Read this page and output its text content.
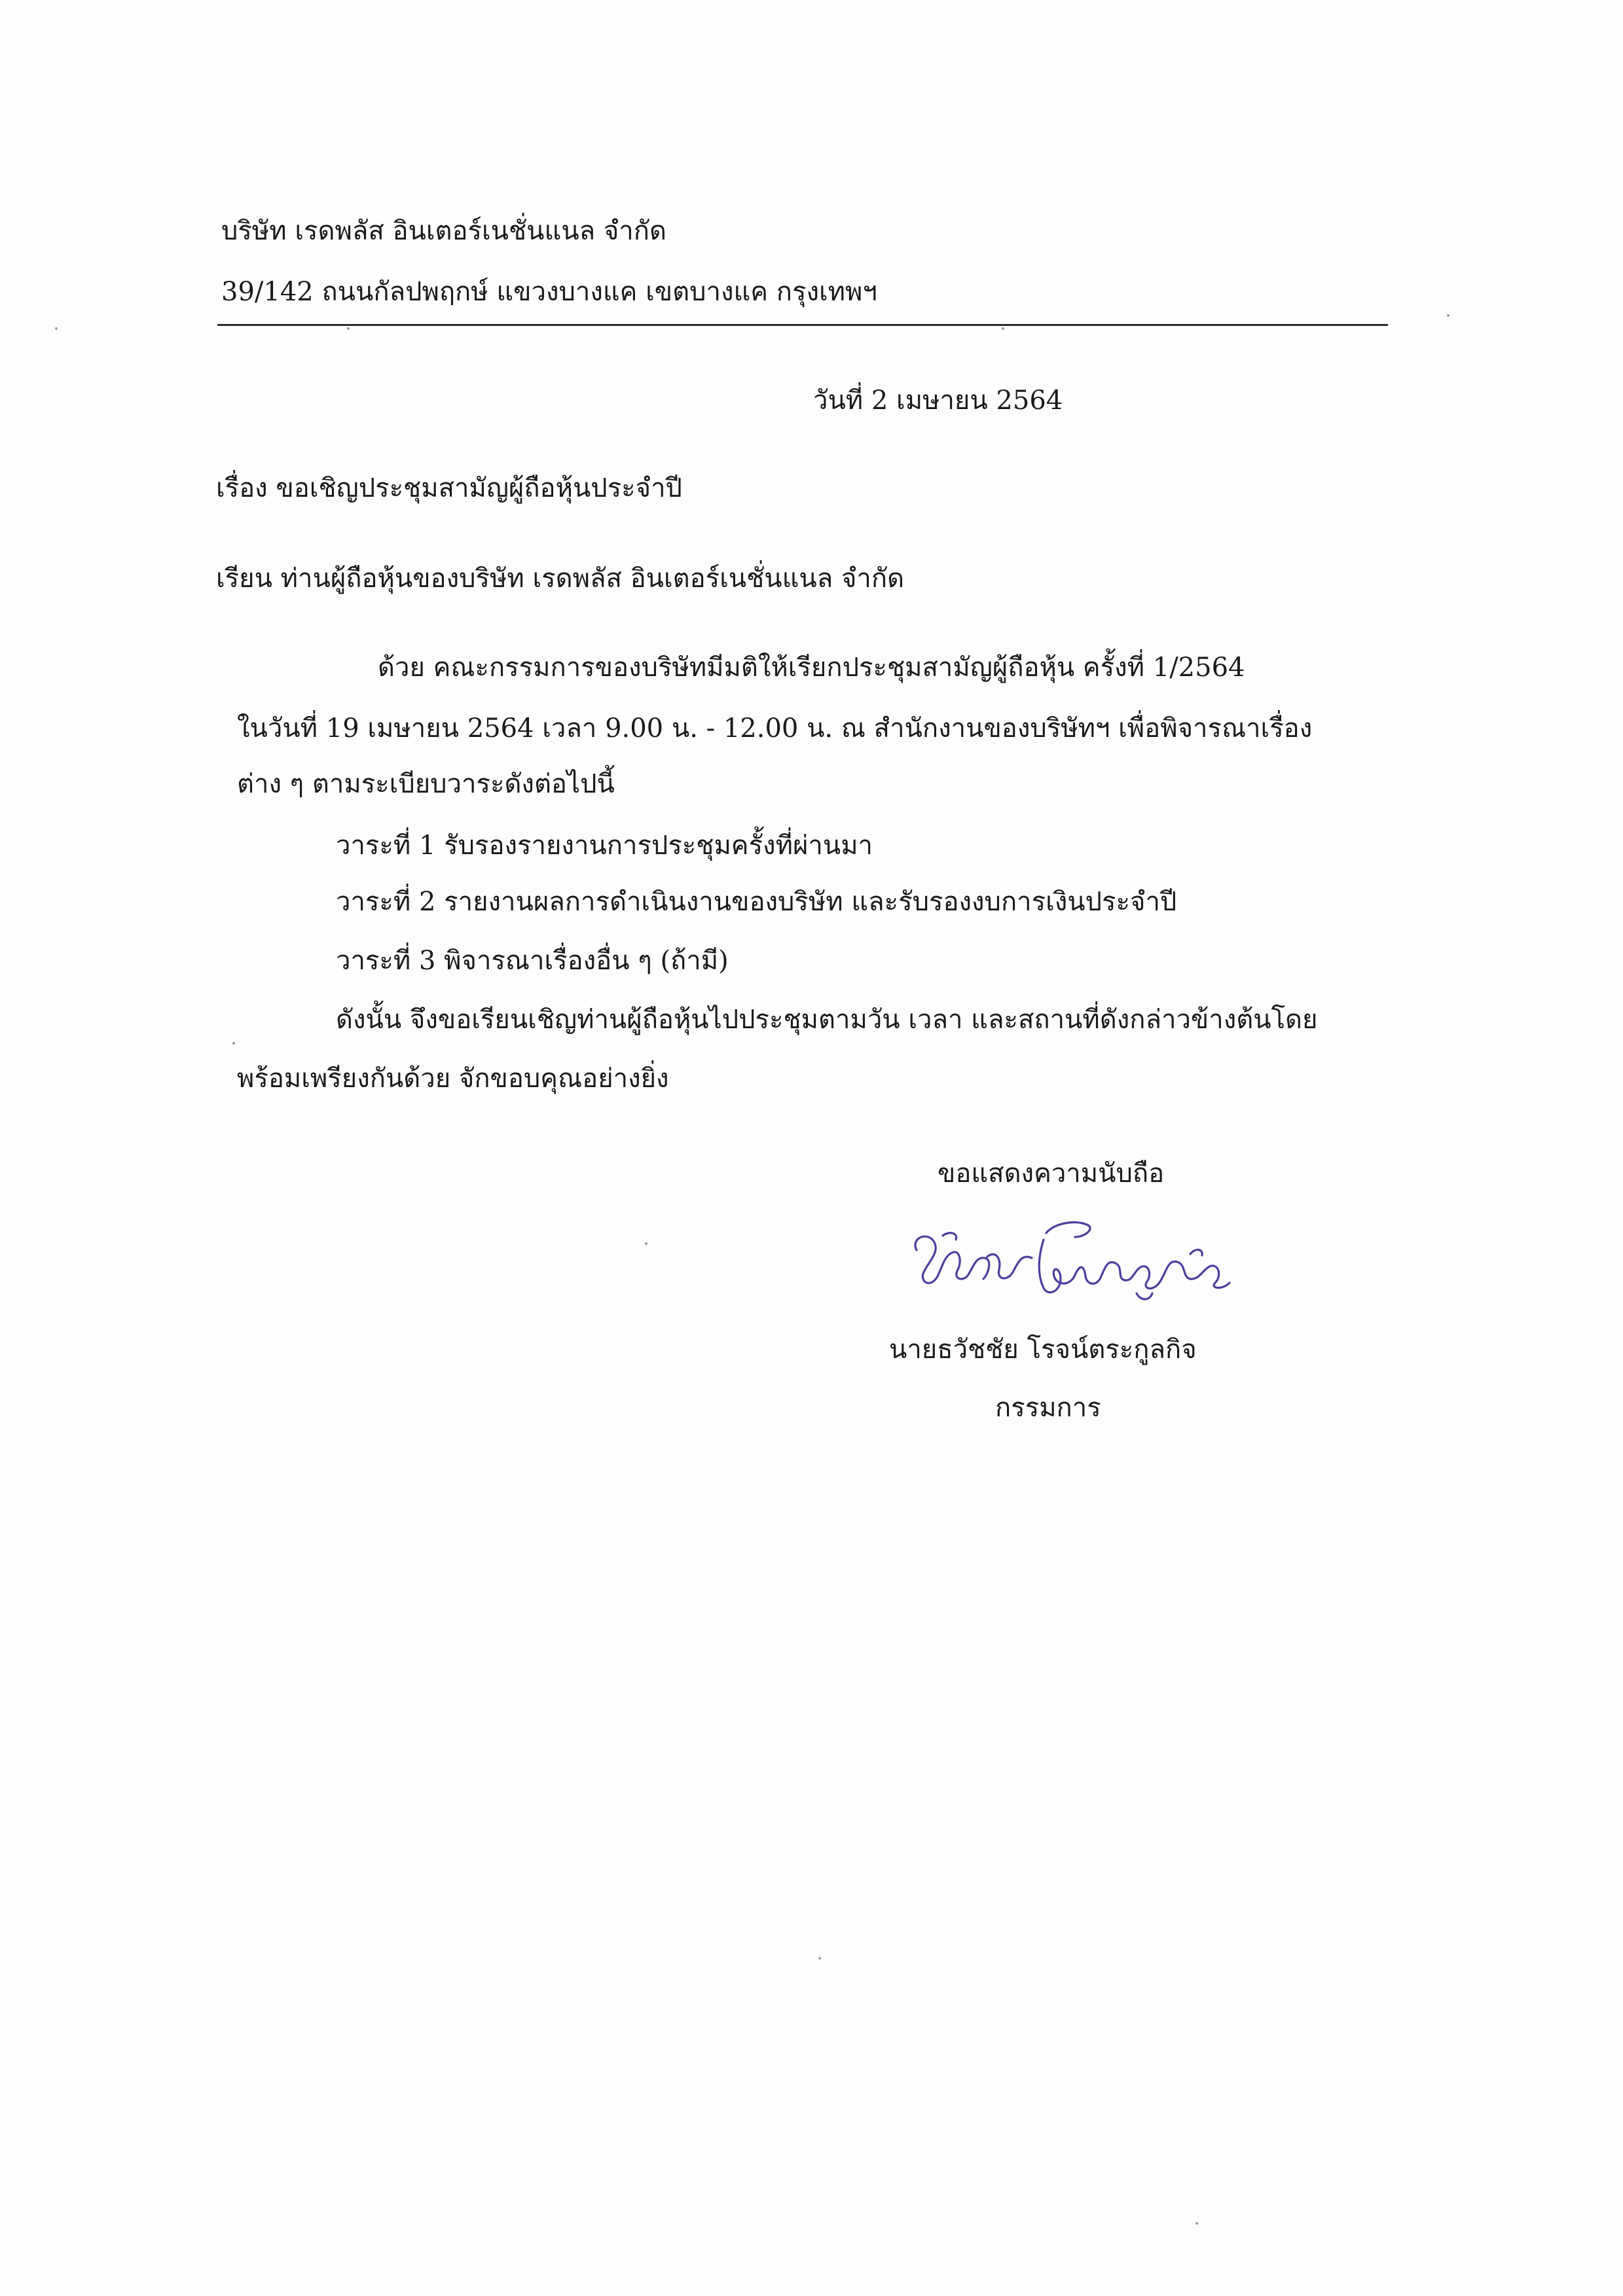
บริษัท เรดพลัส อินเตอร์เนชั่นแนล จำกัด
39/142 ถนนกัลปพฤกษ์ แขวงบางแค เขตบางแค กรุงเทพฯ
วันที่ 2 เมษายน 2564
เรื่อง ขอเชิญประชุมสามัญผู้ถือหุ้นประจำปี
เรียน ท่านผู้ถือหุ้นของบริษัท เรดพลัส อินเตอร์เนชั่นแนล จำกัด
ด้วย คณะกรรมการของบริษัทมีมติให้เรียกประชุมสามัญผู้ถือหุ้น ครั้งที่ 1/2564
ในวันที่ 19 เมษายน 2564 เวลา 9.00 น. - 12.00 น. ณ สำนักงานของบริษัทฯ เพื่อพิจารณาเรื่อง
ต่าง ๆ ตามระเบียบวาระดังต่อไปนี้
วาระที่ 1 รับรองรายงานการประชุมครั้งที่ผ่านมา
วาระที่ 2 รายงานผลการดำเนินงานของบริษัท และรับรองงบการเงินประจำปี
วาระที่ 3 พิจารณาเรื่องอื่น ๆ (ถ้ามี)
ดังนั้น จึงขอเรียนเชิญท่านผู้ถือหุ้นไปประชุมตามวัน เวลา และสถานที่ดังกล่าวข้างต้นโดย
พร้อมเพรียงกันด้วย จักขอบคุณอย่างยิ่ง
ขอแสดงความนับถือ
นายธวัชชัย โรจน์ตระกูลกิจ
กรรมการ
